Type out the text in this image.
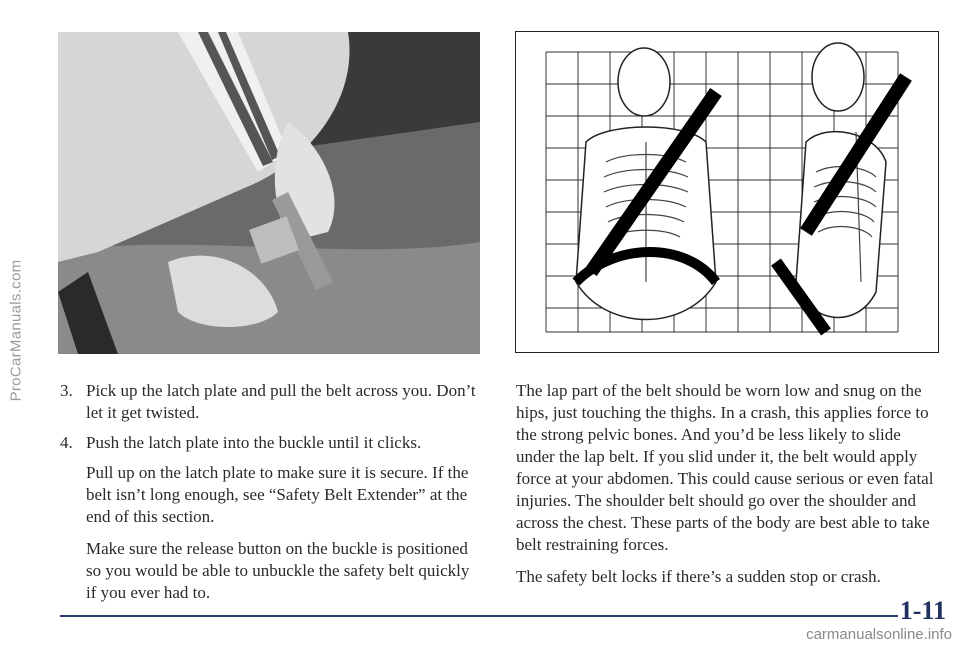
ProCarManuals.com 3. Pick up the latch plate and pull the belt across you. Don’t let it get twisted.
4. Push the latch plate into the buckle until it clicks.

Pull up on the latch plate to make sure it is secure. If the belt isn’t long enough, see “Safety Belt Extender” at the end of this section.

Make sure the release button on the buckle is positioned so you would be able to unbuckle the safety belt quickly if you ever had to.

The lap part of the belt should be worn low and snug on the hips, just touching the thighs. In a crash, this applies force to the strong pelvic bones. And you’d be less likely to slide under the lap belt. If you slid under it, the belt would apply force at your abdomen. This could cause serious or even fatal injuries. The shoulder belt should go over the shoulder and across the chest. These parts of the body are best able to take belt restraining forces.

The safety belt locks if there’s a sudden stop or crash.

1-11
carmanualsonline.info
